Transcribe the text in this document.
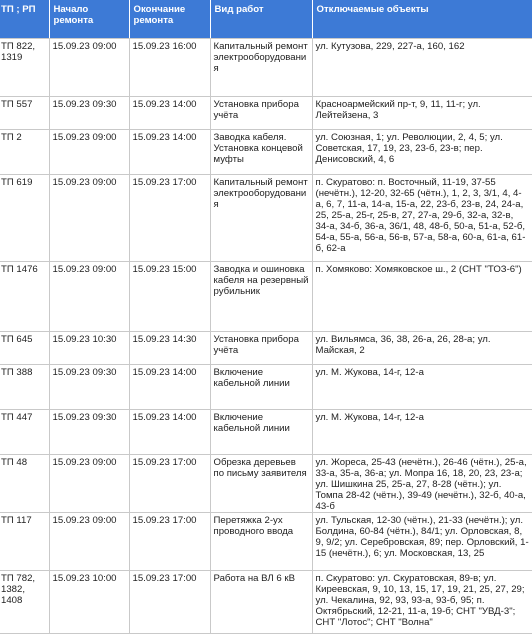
ТП ; РП	Начало ремонта	Окончание ремонта	Вид работ	Отключаемые объекты
ТП 822, 1319	15.09.23 09:00	15.09.23 16:00	Капитальный ремонт электрооборудования	ул. Кутузова, 229, 227-а, 160, 162
ТП 557	15.09.23 09:30	15.09.23 14:00	Установка прибора учёта	Красноармейский пр-т, 9, 11, 11-г; ул. Лейтейзена, 3
ТП 2	15.09.23 09:00	15.09.23 14:00	Заводка кабеля. Установка концевой муфты	ул. Союзная, 1; ул. Революции, 2, 4, 5; ул. Советская, 17, 19, 23, 23-б, 23-в; пер. Денисовский, 4, 6
ТП 619	15.09.23 09:00	15.09.23 17:00	Капитальный ремонт электрооборудования	п. Скуратово: п. Восточный, 11-19, 37-55 (нечётн.), 12-20, 32-65 (чётн.), 1, 2, 3, 3/1, 4, 4-а, 6, 7, 11-а, 14-а, 15-а, 22, 23-б, 23-в, 24, 24-а, 25, 25-а, 25-г, 25-в, 27, 27-а, 29-б, 32-а, 32-в, 34-а, 34-б, 36-а, 36/1, 48, 48-б, 50-а, 51-а, 52-б, 54-а, 55-а, 56-а, 56-в, 57-а, 58-а, 60-а, 61-а, 61-б, 62-а
ТП 1476	15.09.23 09:00	15.09.23 15:00	Заводка и ошиновка кабеля на резервный рубильник	п. Хомяково: Хомяковское ш., 2 (СНТ "ТОЗ-6")
ТП 645	15.09.23 10:30	15.09.23 14:30	Установка прибора учёта	ул. Вильямса, 36, 38, 26-а, 26, 28-а; ул. Майская, 2
ТП 388	15.09.23 09:30	15.09.23 14:00	Включение кабельной линии	ул. М. Жукова, 14-г, 12-а
ТП 447	15.09.23 09:30	15.09.23 14:00	Включение кабельной линии	ул. М. Жукова, 14-г, 12-а
ТП 48	15.09.23 09:00	15.09.23 17:00	Обрезка деревьев по письму заявителя	ул. Жореса, 25-43 (нечётн.), 26-46 (чётн.), 25-а, 33-а, 35-а, 36-а; ул. Мопра 16, 18, 20, 23, 23-а; ул. Шишкина 25, 25-а, 27, 8-28 (чётн.); ул. Томпа 28-42 (чётн.), 39-49 (нечётн.), 32-б, 40-а, 43-б
ТП 117	15.09.23 09:00	15.09.23 17:00	Перетяжка 2-ух проводного ввода	ул. Тульская, 12-30 (чётн.), 21-33 (нечётн.); ул. Болдина, 60-84 (чётн.), 84/1; ул. Орловская, 8, 9, 9/2; ул. Серебровская, 89; пер. Орловский, 1-15 (нечётн.), 6; ул. Московская, 13, 25
ТП 782, 1382, 1408	15.09.23 10:00	15.09.23 17:00	Работа на ВЛ 6 кВ	п. Скуратово: ул. Скуратовская, 89-в; ул. Киреевская, 9, 10, 13, 15, 17, 19, 21, 25, 27, 29; ул. Чекалина, 92, 93, 93-а, 93-б, 95; п. Октябрьский, 12-21, 11-а, 19-б; СНТ "УВД-3"; СНТ "Лотос"; СНТ "Волна"
